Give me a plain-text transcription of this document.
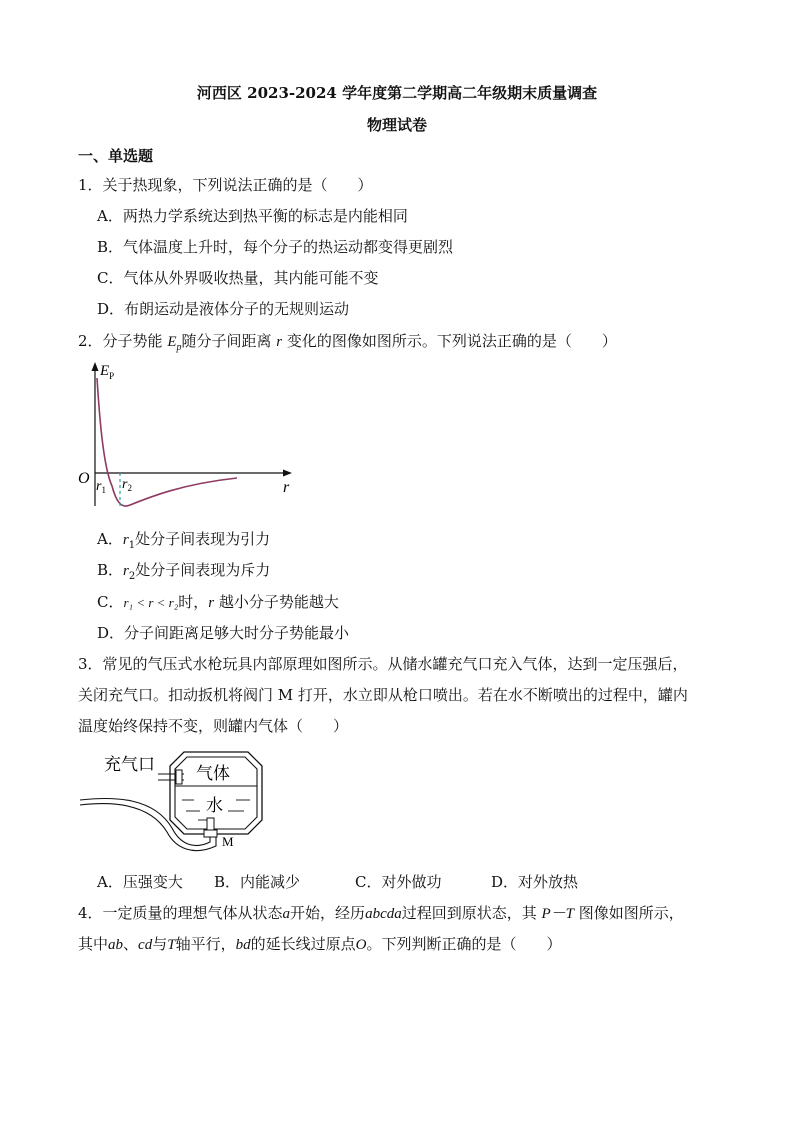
河西区 2023-2024 学年度第二学期高二年级期末质量调查
物理试卷
一、单选题
1．关于热现象，下列说法正确的是（　　）
A．两热力学系统达到热平衡的标志是内能相同
B．气体温度上升时，每个分子的热运动都变得更剧烈
C．气体从外界吸收热量，其内能可能不变
D．布朗运动是液体分子的无规则运动
2．分子势能 $E_p$随分子间距离 r 变化的图像如图所示。下列说法正确的是（　　）
$E_P$
O
r
$r_1$ $r_2$
A．$r_1$处分子间表现为引力
B．$r_2$处分子间表现为斥力
C．r₁ < r < r₂时，r 越小分子势能越大
D．分子间距离足够大时分子势能最小
3．常见的气压式水枪玩具内部原理如图所示。从储水罐充气口充入气体，达到一定压强后，
关闭充气口。扣动扳机将阀门 M 打开，水立即从枪口喷出。若在水不断喷出的过程中，罐内
温度始终保持不变，则罐内气体（　　）
充气口 气体
水
M
A．压强变大 B．内能减少	C．对外做功	D．对外放热
4．一定质量的理想气体从状态a开始，经历abcda过程回到原状态，其 P－T 图像如图所示，
其中ab、cd与T轴平行，bd的延长线过原点O。下列判断正确的是（　　）
